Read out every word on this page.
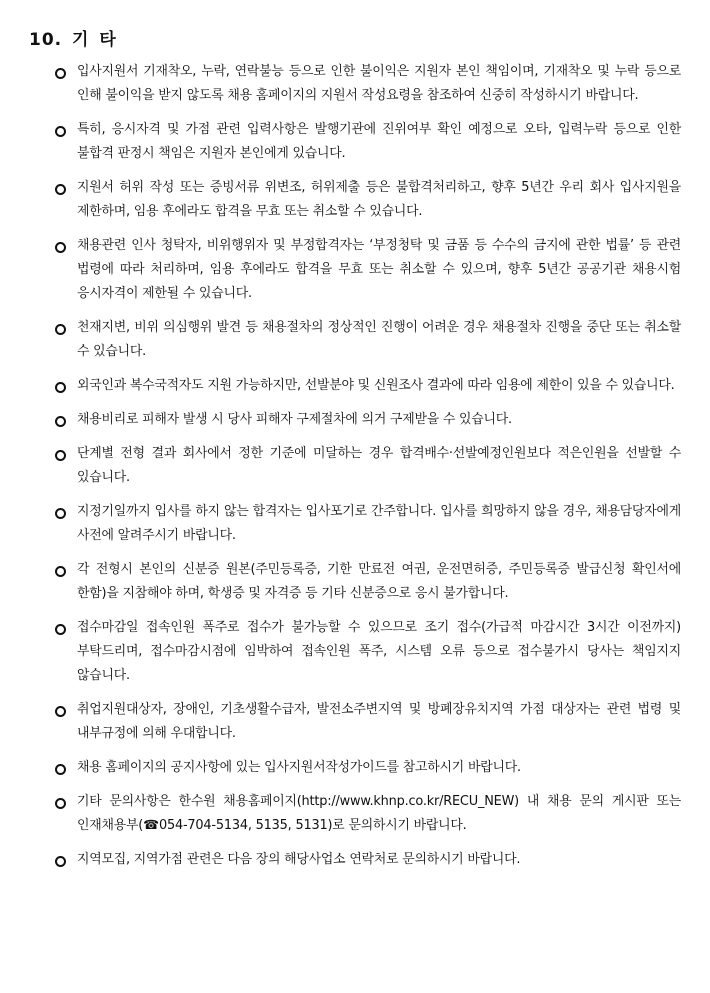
10. 기 타
입사지원서 기재착오, 누락, 연락불능 등으로 인한 불이익은 지원자 본인 책임이며, 기재착오 및 누락 등으로 인해 불이익을 받지 않도록 채용 홈페이지의 지원서 작성요령을 참조하여 신중히 작성하시기 바랍니다.
특히, 응시자격 및 가점 관련 입력사항은 발행기관에 진위여부 확인 예정으로 오타, 입력누락 등으로 인한 불합격 판정시 책임은 지원자 본인에게 있습니다.
지원서 허위 작성 또는 증빙서류 위변조, 허위제출 등은 불합격처리하고, 향후 5년간 우리 회사 입사지원을 제한하며, 임용 후에라도 합격을 무효 또는 취소할 수 있습니다.
채용관련 인사 청탁자, 비위행위자 및 부정합격자는 ‘부정청탁 및 금품 등 수수의 금지에 관한 법률’ 등 관련 법령에 따라 처리하며, 임용 후에라도 합격을 무효 또는 취소할 수 있으며, 향후 5년간 공공기관 채용시험 응시자격이 제한될 수 있습니다.
천재지변, 비위 의심행위 발견 등 채용절차의 정상적인 진행이 어려운 경우 채용절차 진행을 중단 또는 취소할 수 있습니다.
외국인과 복수국적자도 지원 가능하지만, 선발분야 및 신원조사 결과에 따라 임용에 제한이 있을 수 있습니다.
채용비리로 피해자 발생 시 당사 피해자 구제절차에 의거 구제받을 수 있습니다.
단계별 전형 결과 회사에서 정한 기준에 미달하는 경우 합격배수·선발예정인원보다 적은인원을 선발할 수 있습니다.
지정기일까지 입사를 하지 않는 합격자는 입사포기로 간주합니다. 입사를 희망하지 않을 경우, 채용담당자에게 사전에 알려주시기 바랍니다.
각 전형시 본인의 신분증 원본(주민등록증, 기한 만료전 여권, 운전면허증, 주민등록증 발급신청 확인서에 한함)을 지참해야 하며, 학생증 및 자격증 등 기타 신분증으로 응시 불가합니다.
접수마감일 접속인원 폭주로 접수가 불가능할 수 있으므로 조기 접수(가급적 마감시간 3시간 이전까지) 부탁드리며, 접수마감시점에 임박하여 접속인원 폭주, 시스템 오류 등으로 접수불가시 당사는 책임지지 않습니다.
취업지원대상자, 장애인, 기초생활수급자, 발전소주변지역 및 방폐장유치지역 가점 대상자는 관련 법령 및 내부규정에 의해 우대합니다.
채용 홈페이지의 공지사항에 있는 입사지원서작성가이드를 참고하시기 바랍니다.
기타 문의사항은 한수원 채용홈페이지(http://www.khnp.co.kr/RECU_NEW) 내 채용 문의 게시판 또는 인재채용부(☎054-704-5134, 5135, 5131)로 문의하시기 바랍니다.
지역모집, 지역가점 관련은 다음 장의 해당사업소 연락처로 문의하시기 바랍니다.
